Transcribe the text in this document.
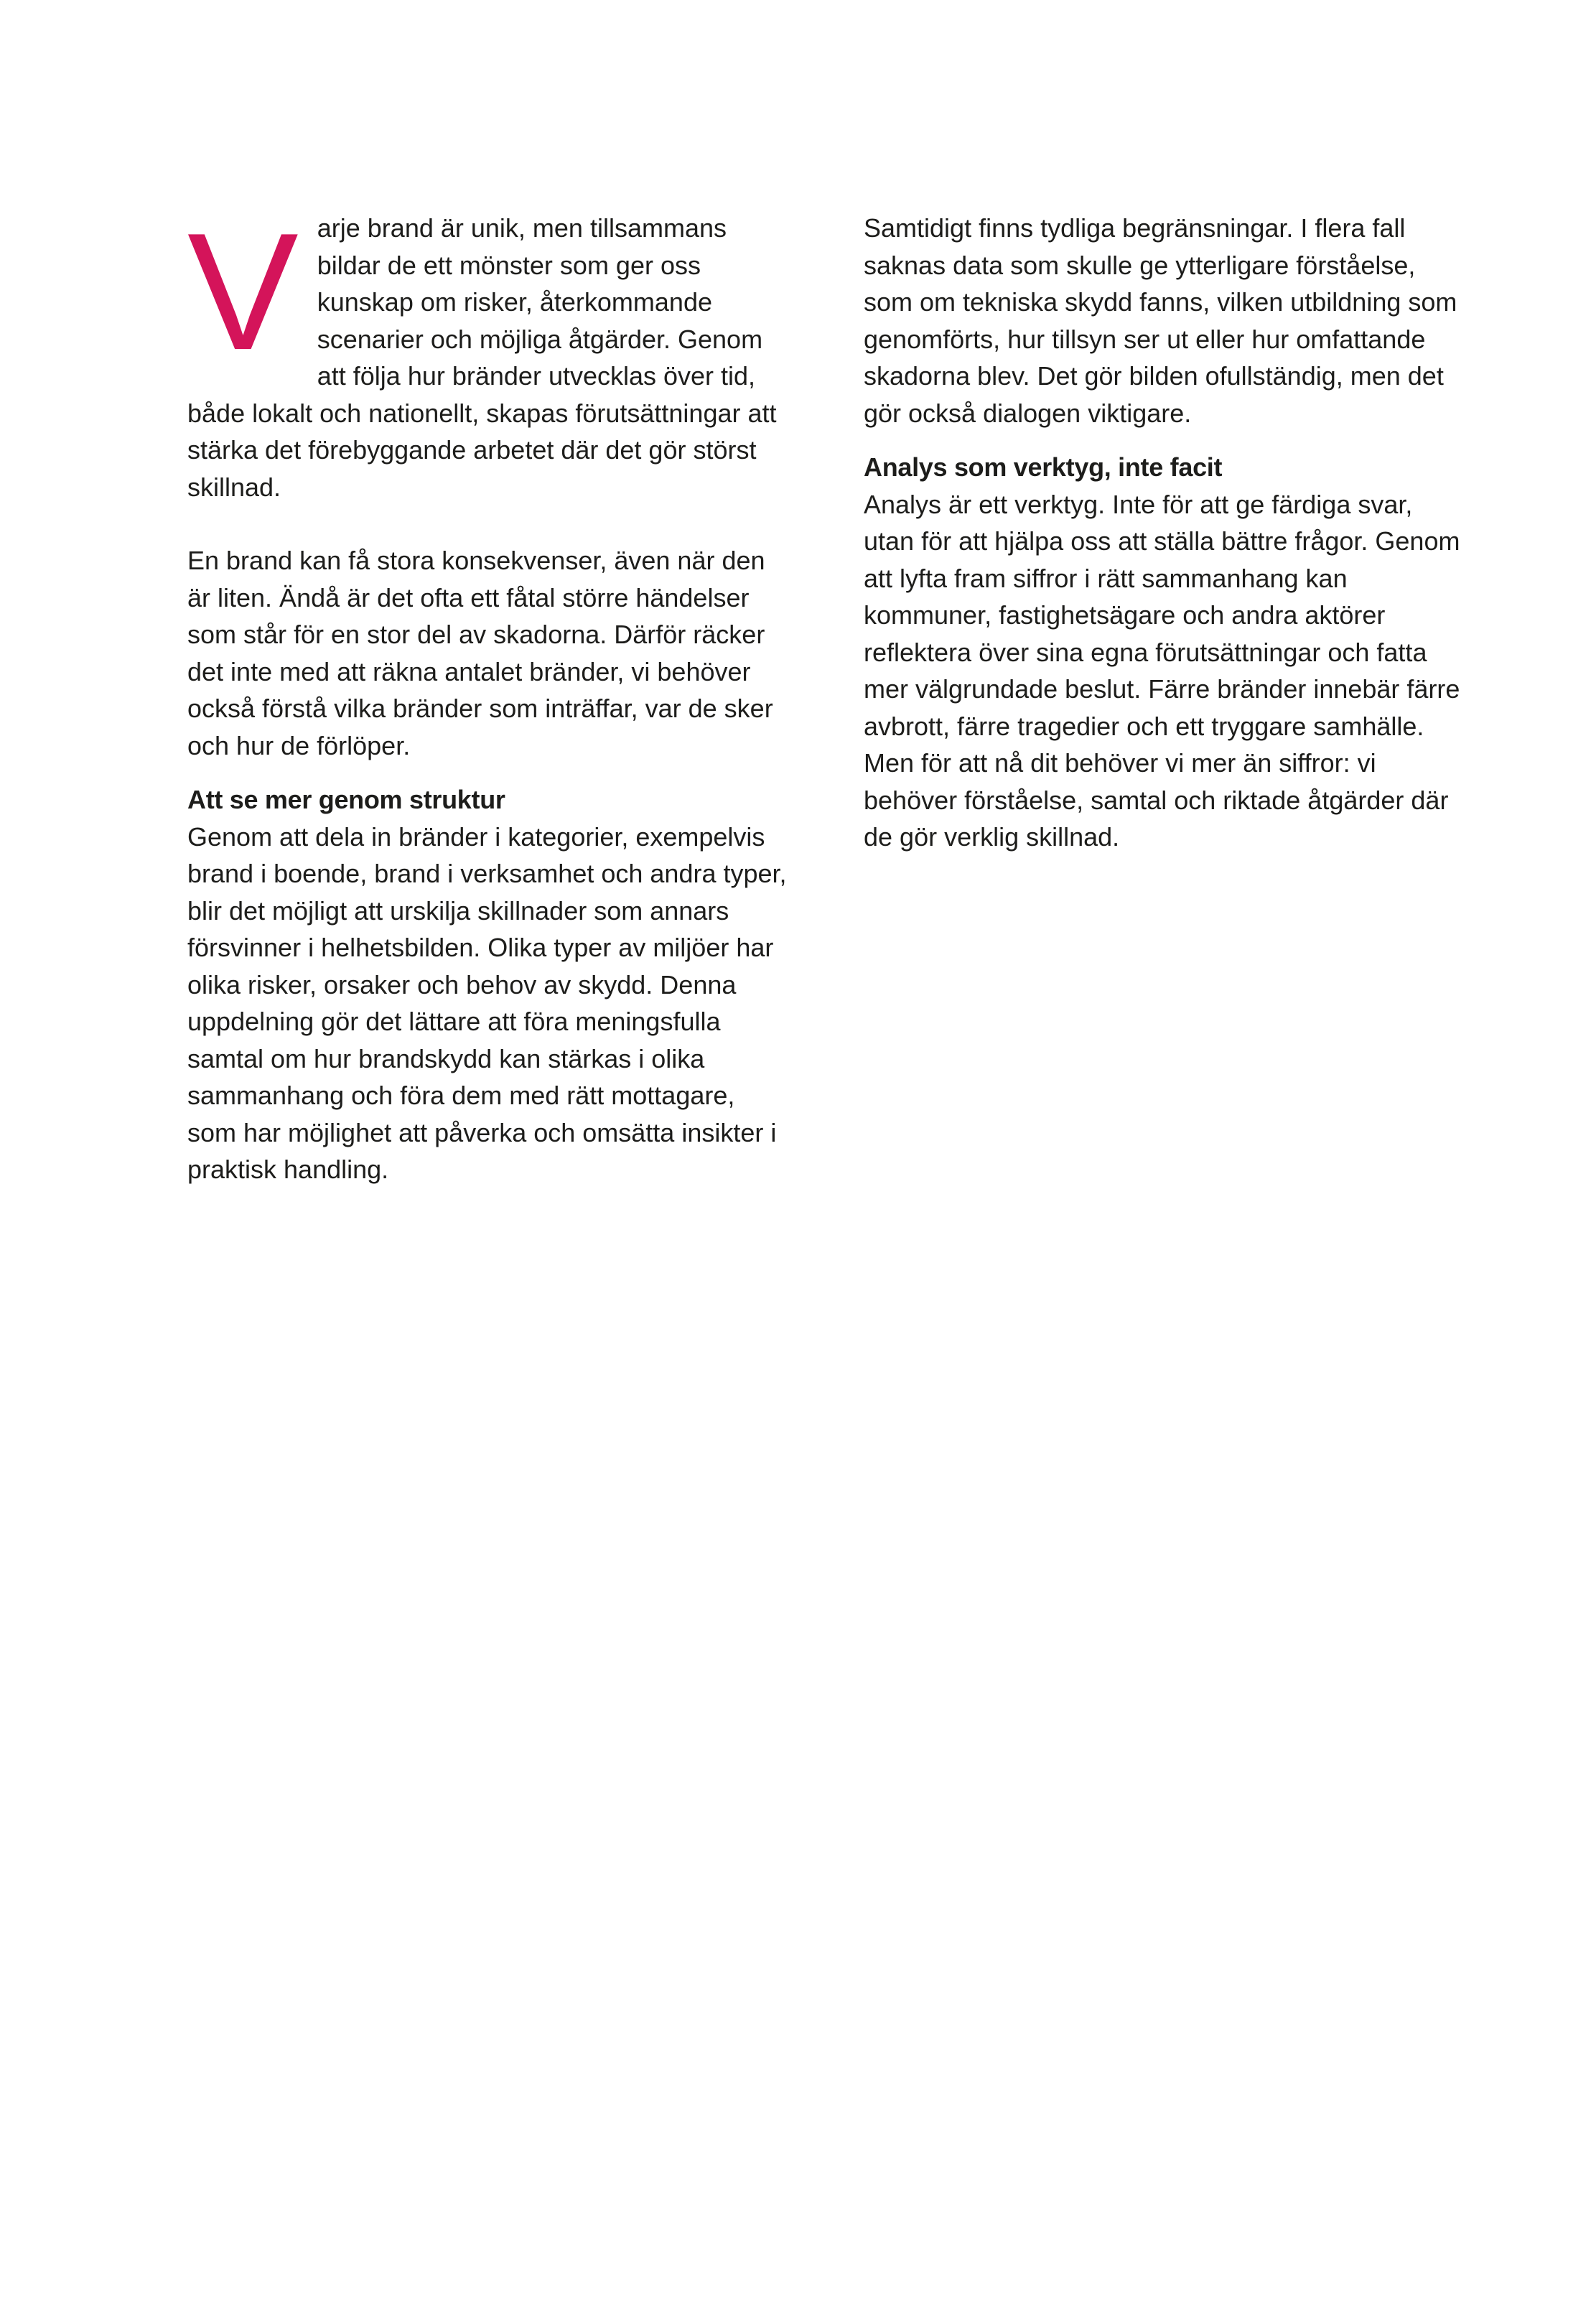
Varje brand är unik, men tillsammans bildar de ett mönster som ger oss kunskap om risker, återkommande scenarier och möjliga åtgärder. Genom att följa hur bränder utvecklas över tid, både lokalt och nationellt, skapas förutsättningar att stärka det förebyggande arbetet där det gör störst skillnad.

En brand kan få stora konsekvenser, även när den är liten. Ändå är det ofta ett fåtal större händelser som står för en stor del av skadorna. Därför räcker det inte med att räkna antalet bränder, vi behöver också förstå vilka bränder som inträffar, var de sker och hur de förlöper.

Att se mer genom struktur

Genom att dela in bränder i kategorier, exempelvis brand i boende, brand i verksamhet och andra typer, blir det möjligt att urskilja skillnader som annars försvinner i helhetsbilden. Olika typer av miljöer har olika risker, orsaker och behov av skydd. Denna uppdelning gör det lättare att föra meningsfulla samtal om hur brandskydd kan stärkas i olika sammanhang och föra dem med rätt mottagare, som har möjlighet att påverka och omsätta insikter i praktisk handling.

Samtidigt finns tydliga begränsningar. I flera fall saknas data som skulle ge ytterligare förståelse, som om tekniska skydd fanns, vilken utbildning som genomförts, hur tillsyn ser ut eller hur omfattande skadorna blev. Det gör bilden ofullständig, men det gör också dialogen viktigare.

Analys som verktyg, inte facit

Analys är ett verktyg. Inte för att ge färdiga svar, utan för att hjälpa oss att ställa bättre frågor. Genom att lyfta fram siffror i rätt sammanhang kan kommuner, fastighetsägare och andra aktörer reflektera över sina egna förutsättningar och fatta mer välgrundade beslut. Färre bränder innebär färre avbrott, färre tragedier och ett tryggare samhälle. Men för att nå dit behöver vi mer än siffror: vi behöver förståelse, samtal och riktade åtgärder där de gör verklig skillnad.
